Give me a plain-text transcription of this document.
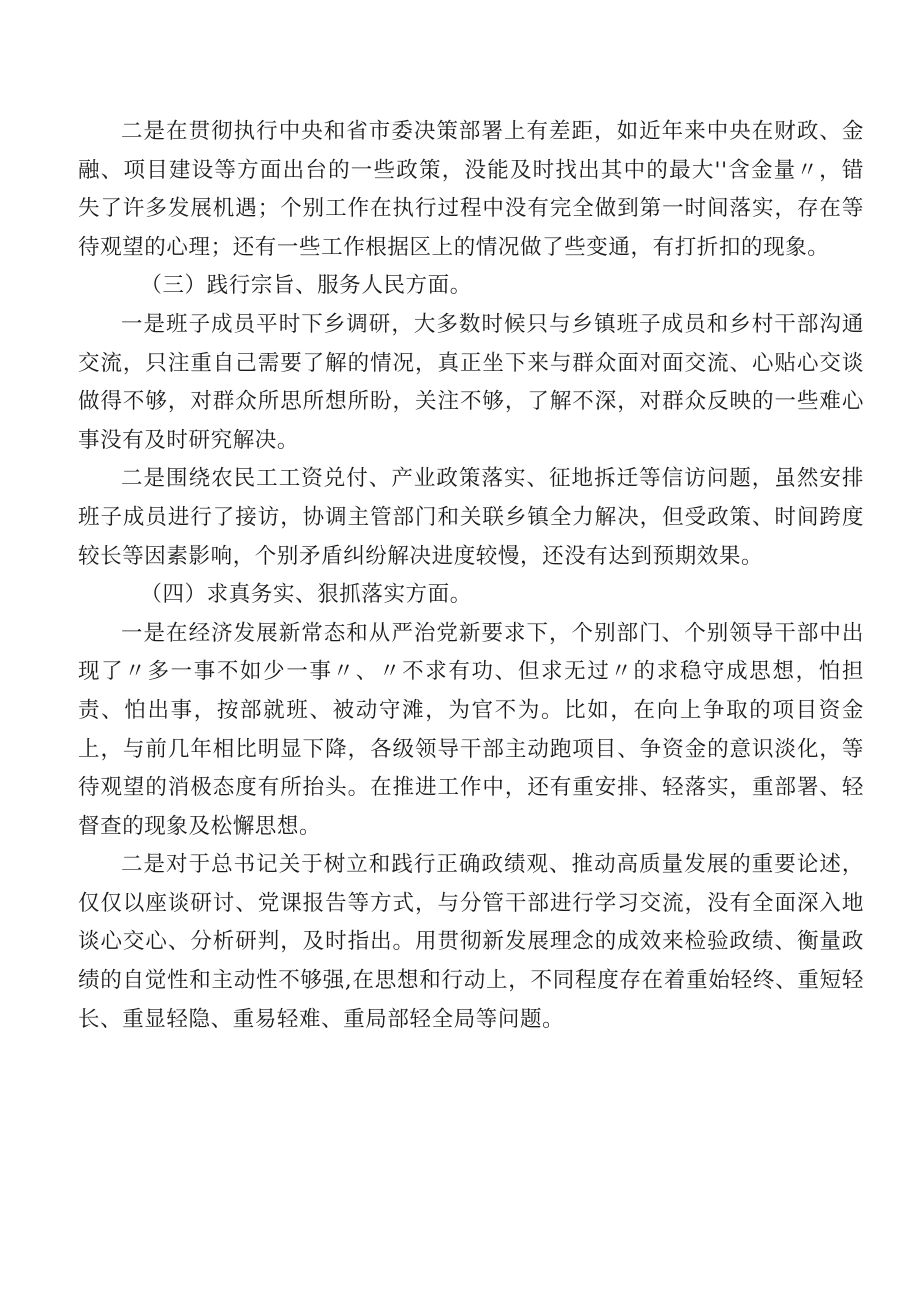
二是在贯彻执行中央和省市委决策部署上有差距，如近年来中央在财政、金融、项目建设等方面出台的一些政策，没能及时找出其中的最大''含金量〃，错失了许多发展机遇；个别工作在执行过程中没有完全做到第一时间落实，存在等待观望的心理；还有一些工作根据区上的情况做了些变通，有打折扣的现象。

（三）践行宗旨、服务人民方面。

一是班子成员平时下乡调研，大多数时候只与乡镇班子成员和乡村干部沟通交流，只注重自己需要了解的情况，真正坐下来与群众面对面交流、心贴心交谈做得不够，对群众所思所想所盼，关注不够，了解不深，对群众反映的一些难心事没有及时研究解决。

二是围绕农民工工资兑付、产业政策落实、征地拆迁等信访问题，虽然安排班子成员进行了接访，协调主管部门和关联乡镇全力解决，但受政策、时间跨度较长等因素影响，个别矛盾纠纷解决进度较慢，还没有达到预期效果。

（四）求真务实、狠抓落实方面。

一是在经济发展新常态和从严治党新要求下，个别部门、个别领导干部中出现了〃多一事不如少一事〃、〃不求有功、但求无过〃的求稳守成思想，怕担责、怕出事，按部就班、被动守滩，为官不为。比如，在向上争取的项目资金上，与前几年相比明显下降，各级领导干部主动跑项目、争资金的意识淡化，等待观望的消极态度有所抬头。在推进工作中，还有重安排、轻落实，重部署、轻督查的现象及松懈思想。

二是对于总书记关于树立和践行正确政绩观、推动高质量发展的重要论述，仅仅以座谈研讨、党课报告等方式，与分管干部进行学习交流，没有全面深入地谈心交心、分析研判，及时指出。用贯彻新发展理念的成效来检验政绩、衡量政绩的自觉性和主动性不够强,在思想和行动上，不同程度存在着重始轻终、重短轻长、重显轻隐、重易轻难、重局部轻全局等问题。
